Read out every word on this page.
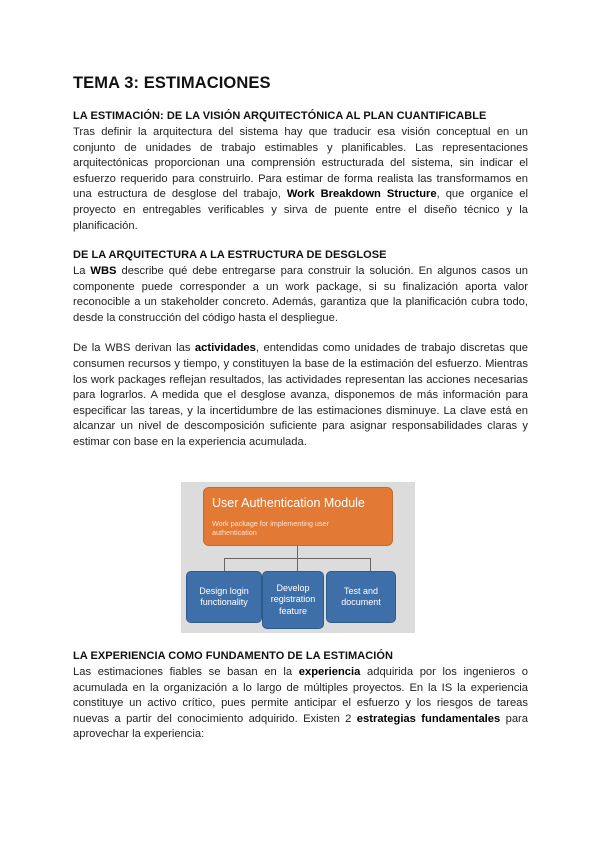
TEMA 3: ESTIMACIONES
LA ESTIMACIÓN: DE LA VISIÓN ARQUITECTÓNICA AL PLAN CUANTIFICABLE

Tras definir la arquitectura del sistema hay que traducir esa visión conceptual en un conjunto de unidades de trabajo estimables y planificables. Las representaciones arquitectónicas proporcionan una comprensión estructurada del sistema, sin indicar el esfuerzo requerido para construirlo. Para estimar de forma realista las transformamos en una estructura de desglose del trabajo, Work Breakdown Structure, que organice el proyecto en entregables verificables y sirva de puente entre el diseño técnico y la planificación.

DE LA ARQUITECTURA A LA ESTRUCTURA DE DESGLOSE

La WBS describe qué debe entregarse para construir la solución. En algunos casos un componente puede corresponder a un work package, si su finalización aporta valor reconocible a un stakeholder concreto. Además, garantiza que la planificación cubra todo, desde la construcción del código hasta el despliegue.

De la WBS derivan las actividades, entendidas como unidades de trabajo discretas que consumen recursos y tiempo, y constituyen la base de la estimación del esfuerzo. Mientras los work packages reflejan resultados, las actividades representan las acciones necesarias para lograrlos. A medida que el desglose avanza, disponemos de más información para especificar las tareas, y la incertidumbre de las estimaciones disminuye. La clave está en alcanzar un nivel de descomposición suficiente para asignar responsabilidades claras y estimar con base en la experiencia acumulada.

User Authentication Module
Work package for implementing user
authentication
Design login
functionality
Develop
registration
feature
Test and
document
LA EXPERIENCIA COMO FUNDAMENTO DE LA ESTIMACIÓN

Las estimaciones fiables se basan en la experiencia adquirida por los ingenieros o acumulada en la organización a lo largo de múltiples proyectos. En la IS la experiencia constituye un activo crítico, pues permite anticipar el esfuerzo y los riesgos de tareas nuevas a partir del conocimiento adquirido. Existen 2 estrategias fundamentales para aprovechar la experiencia:
